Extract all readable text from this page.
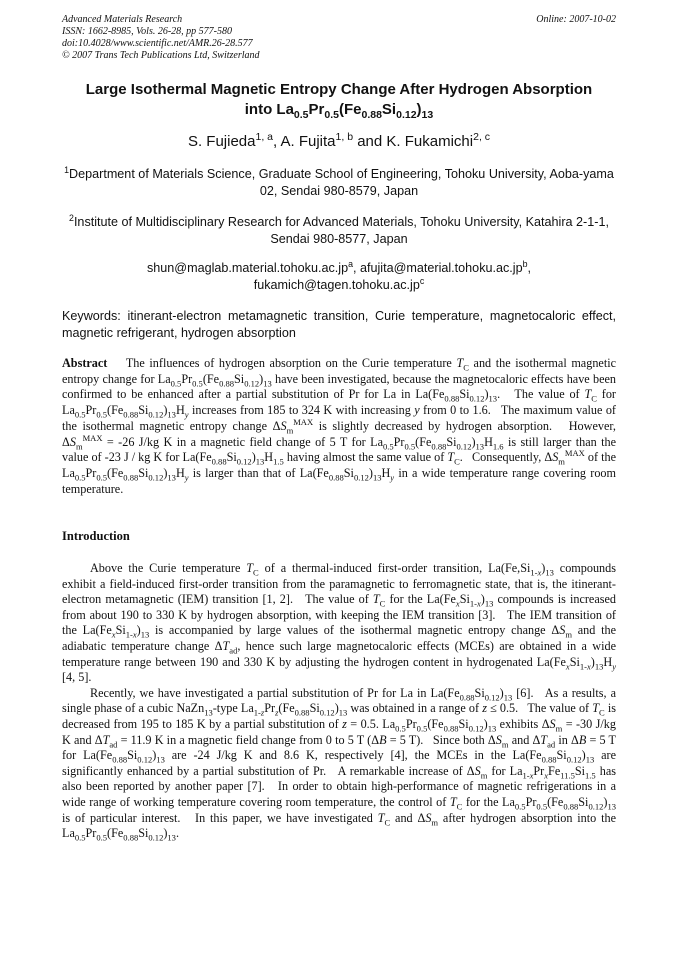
Advanced Materials Research
ISSN: 1662-8985, Vols. 26-28, pp 577-580
doi:10.4028/www.scientific.net/AMR.26-28.577
© 2007 Trans Tech Publications Ltd, Switzerland
Online: 2007-10-02
Large Isothermal Magnetic Entropy Change After Hydrogen Absorption
into $La_{0.5}Pr_{0.5}(Fe_{0.88}Si_{0.12})_{13}$
S. Fujieda$^{1, a}$, A. Fujita$^{1, b}$ and K. Fukamichi$^{2, c}$
$^1$Department of Materials Science, Graduate School of Engineering, Tohoku University, Aoba-yama 02, Sendai 980-8579, Japan
$^2$Institute of Multidisciplinary Research for Advanced Materials, Tohoku University, Katahira 2-1-1, Sendai 980-8577, Japan
$shun@maglab.material.tohoku.ac.jp^a$, $afujita@material.tohoku.ac.jp^b$,
$fukamich@tagen.tohoku.ac.jp^c$
Keywords: itinerant-electron metamagnetic transition, Curie temperature, magnetocaloric effect, magnetic refrigerant, hydrogen absorption
Abstract    The influences of hydrogen absorption on the Curie temperature $T_C$ and the isothermal magnetic entropy change for $La_{0.5}Pr_{0.5}(Fe_{0.88}Si_{0.12})_{13}$ have been investigated, because the magnetocaloric effects have been confirmed to be enhanced after a partial substitution of Pr for La in $La(Fe_{0.88}Si_{0.12})_{13}$.   The value of $T_C$ for $La_{0.5}Pr_{0.5}(Fe_{0.88}Si_{0.12})_{13}H_y$ increases from 185 to 324 K with increasing y from 0 to 1.6.   The maximum value of the isothermal magnetic entropy change $\Delta S_m^{MAX}$ is slightly decreased by hydrogen absorption.   However, $\Delta S_m^{MAX} = -26$ J/kg K in a magnetic field change of 5 T for $La_{0.5}Pr_{0.5}(Fe_{0.88}Si_{0.12})_{13}H_{1.6}$ is still larger than the value of -23 J / kg K for $La(Fe_{0.88}Si_{0.12})_{13}H_{1.5}$ having almost the same value of $T_C$.   Consequently, $\Delta S_m^{MAX}$ of the $La_{0.5}Pr_{0.5}(Fe_{0.88}Si_{0.12})_{13}H_y$ is larger than that of $La(Fe_{0.88}Si_{0.12})_{13}H_y$ in a wide temperature range covering room temperature.
Introduction

Above the Curie temperature $T_C$ of a thermal-induced first-order transition, $La(Fe,Si_{1-x})_{13}$ compounds exhibit a field-induced first-order transition from the paramagnetic to ferromagnetic state, that is, the itinerant-electron metamagnetic (IEM) transition [1, 2].   The value of $T_C$ for the $La(Fe_xSi_{1-x})_{13}$ compounds is increased from about 190 to 330 K by hydrogen absorption, with keeping the IEM transition [3].   The IEM transition of the $La(Fe_xSi_{1-x})_{13}$ is accompanied by large values of the isothermal magnetic entropy change $\Delta S_m$ and the adiabatic temperature change $\Delta T_{ad}$, hence such large magnetocaloric effects (MCEs) are obtained in a wide temperature range between 190 and 330 K by adjusting the hydrogen content in hydrogenated $La(Fe_xSi_{1-x})_{13}H_y$ [4, 5].

Recently, we have investigated a partial substitution of Pr for La in $La(Fe_{0.88}Si_{0.12})_{13}$ [6].   As a results, a single phase of a cubic NaZn$_{13}$-type $La_{1-z}Pr_z(Fe_{0.88}Si_{0.12})_{13}$ was obtained in a range of z ≤ 0.5.   The value of $T_C$ is decreased from 195 to 185 K by a partial substitution of z = 0.5. $La_{0.5}Pr_{0.5}(Fe_{0.88}Si_{0.12})_{13}$ exhibits $\Delta S_m = -30$ J/kg K and $\Delta T_{ad} = 11.9$ K in a magnetic field change from 0 to 5 T (ΔB = 5 T).   Since both $\Delta S_m$ and $\Delta T_{ad}$ in ΔB = 5 T for $La(Fe_{0.88}Si_{0.12})_{13}$ are -24 J/kg K and 8.6 K, respectively [4], the MCEs in the $La(Fe_{0.88}Si_{0.12})_{13}$ are significantly enhanced by a partial substitution of Pr.   A remarkable increase of $\Delta S_m$ for $La_{1-x}Pr_xFe_{11.5}Si_{1.5}$ has also been reported by another paper [7].   In order to obtain high-performance of magnetic refrigerations in a wide range of working temperature covering room temperature, the control of $T_C$ for the $La_{0.5}Pr_{0.5}(Fe_{0.88}Si_{0.12})_{13}$ is of particular interest.   In this paper, we have investigated $T_C$ and $\Delta S_m$ after hydrogen absorption into the $La_{0.5}Pr_{0.5}(Fe_{0.88}Si_{0.12})_{13}$.
